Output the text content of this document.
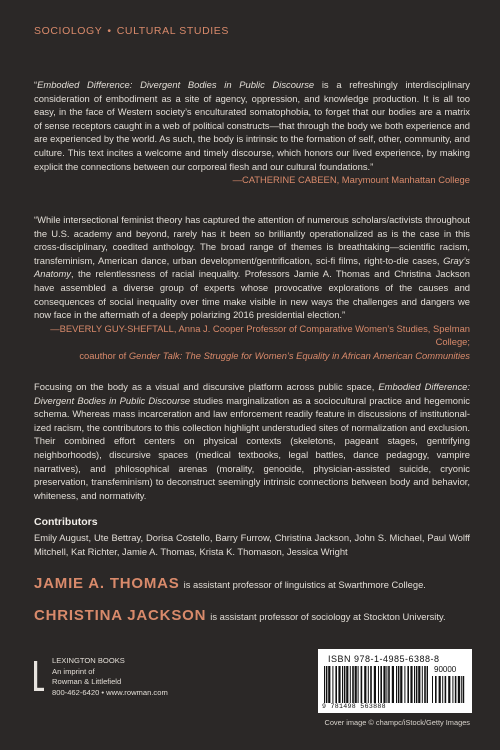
SOCIOLOGY • CULTURAL STUDIES
“Embodied Difference: Divergent Bodies in Public Discourse is a refreshingly interdisciplinary consideration of embodiment as a site of agency, oppression, and knowledge production. It is all too easy, in the face of Western society’s enculturated somatophobia, to forget that our bodies are a matrix of sense receptors caught in a web of political constructs—that through the body we both experience and are experienced by the world. As such, the body is intrinsic to the formation of self, other, community, and culture. This text incites a welcome and timely discourse, which honors our lived experience, by making explicit the connections between our corporeal flesh and our cultural foundations.”
—CATHERINE CABEEN, Marymount Manhattan College
“While intersectional feminist theory has captured the attention of numerous scholars/activists throughout the U.S. academy and beyond, rarely has it been so brilliantly operationalized as is the case in this cross-disciplinary, coedited anthology. The broad range of themes is breathtaking—scientific racism, transfeminism, American dance, urban development/gentrification, sci-fi films, right-to-die cases, Gray’s Anatomy, the relentlessness of racial inequality. Professors Jamie A. Thomas and Christina Jackson have assembled a diverse group of experts whose provocative explorations of the causes and consequences of social inequality over time make visible in new ways the challenges and dangers we now face in the aftermath of a deeply polarizing 2016 presidential election.”
—BEVERLY GUY-SHEFTALL, Anna J. Cooper Professor of Comparative Women’s Studies, Spelman College;
coauthor of Gender Talk: The Struggle for Women’s Equality in African American Communities
Focusing on the body as a visual and discursive platform across public space, Embodied Difference: Divergent Bodies in Public Discourse studies marginalization as a sociocultural practice and hegemonic schema. Whereas mass incarceration and law enforcement readily feature in discussions of institutional-ized racism, the contributors to this collection highlight understudied sites of normalization and exclusion. Their combined effort centers on physical contexts (skeletons, pageant stages, gentrifying neighborhoods), discursive spaces (medical textbooks, legal battles, dance pedagogy, vampire narratives), and philosophical arenas (morality, genocide, physician-assisted suicide, cryonic preservation, transfeminism) to deconstruct seemingly intrinsic connections between body and behavior, whiteness, and normativity.
Contributors
Emily August, Ute Bettray, Dorisa Costello, Barry Furrow, Christina Jackson, John S. Michael, Paul Wolff Mitchell, Kat Richter, Jamie A. Thomas, Krista K. Thomason, Jessica Wright
JAMIE A. THOMAS is assistant professor of linguistics at Swarthmore College.
CHRISTINA JACKSON is assistant professor of sociology at Stockton University.
LEXINGTON BOOKS
An imprint of
Rowman & Littlefield
800-462-6420 • www.rowman.com
ISBN 978-1-4985-6388-8
90000
9 781498 563888
Cover image © champc/iStock/Getty Images
